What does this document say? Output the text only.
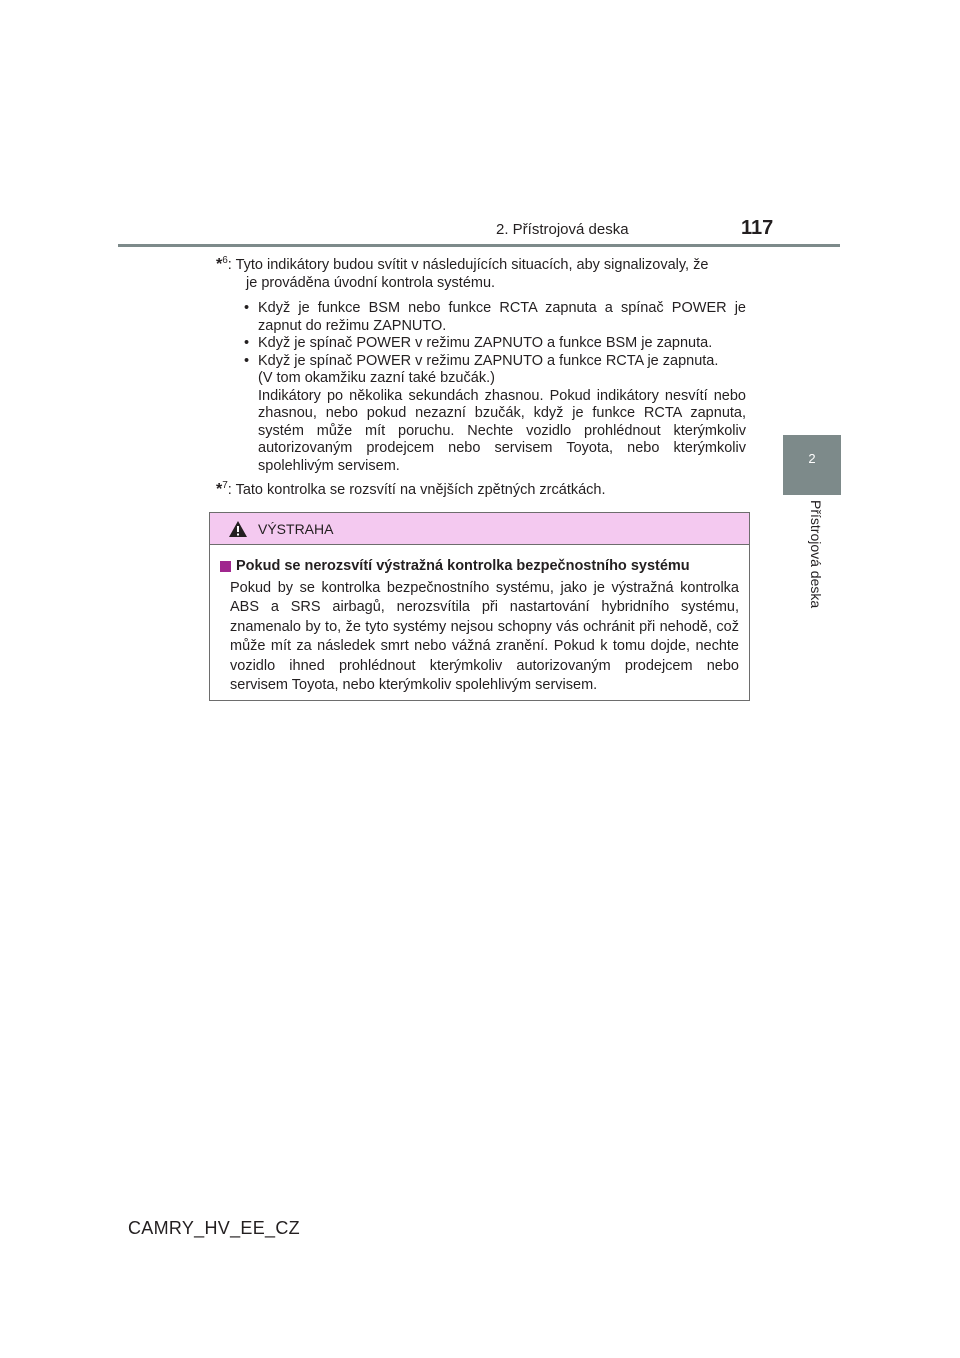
2. Přístrojová deska	117
2
Přístrojová deska
*$^6$: Tyto indikátory budou svítit v následujících situacích, aby signalizovaly, že
je prováděna úvodní kontrola systému.
• Když je funkce BSM nebo funkce RCTA zapnuta a spínač POWER je zapnut do režimu ZAPNUTO.
• Když je spínač POWER v režimu ZAPNUTO a funkce BSM je zapnuta.
• Když je spínač POWER v režimu ZAPNUTO a funkce RCTA je zapnuta.
(V tom okamžiku zazní také bzučák.)
Indikátory po několika sekundách zhasnou. Pokud indikátory nesvítí nebo zhasnou, nebo pokud nezazní bzučák, když je funkce RCTA zapnuta, systém může mít poruchu. Nechte vozidlo prohlédnout kterýmkoliv autorizovaným prodejcem nebo servisem Toyota, nebo kterýmkoliv spolehlivým servisem.
*$^7$: Tato kontrolka se rozsvítí na vnějších zpětných zrcátkách.
VÝSTRAHA
Pokud se nerozsvítí výstražná kontrolka bezpečnostního systému
Pokud by se kontrolka bezpečnostního systému, jako je výstražná kontrolka ABS a SRS airbagů, nerozsvítila při nastartování hybridního systému, znamenalo by to, že tyto systémy nejsou schopny vás ochránit při nehodě, což může mít za následek smrt nebo vážná zranění. Pokud k tomu dojde, nechte vozidlo ihned prohlédnout kterýmkoliv autorizovaným prodejcem nebo servisem Toyota, nebo kterýmkoliv spolehlivým servisem.
CAMRY_HV_EE_CZ
